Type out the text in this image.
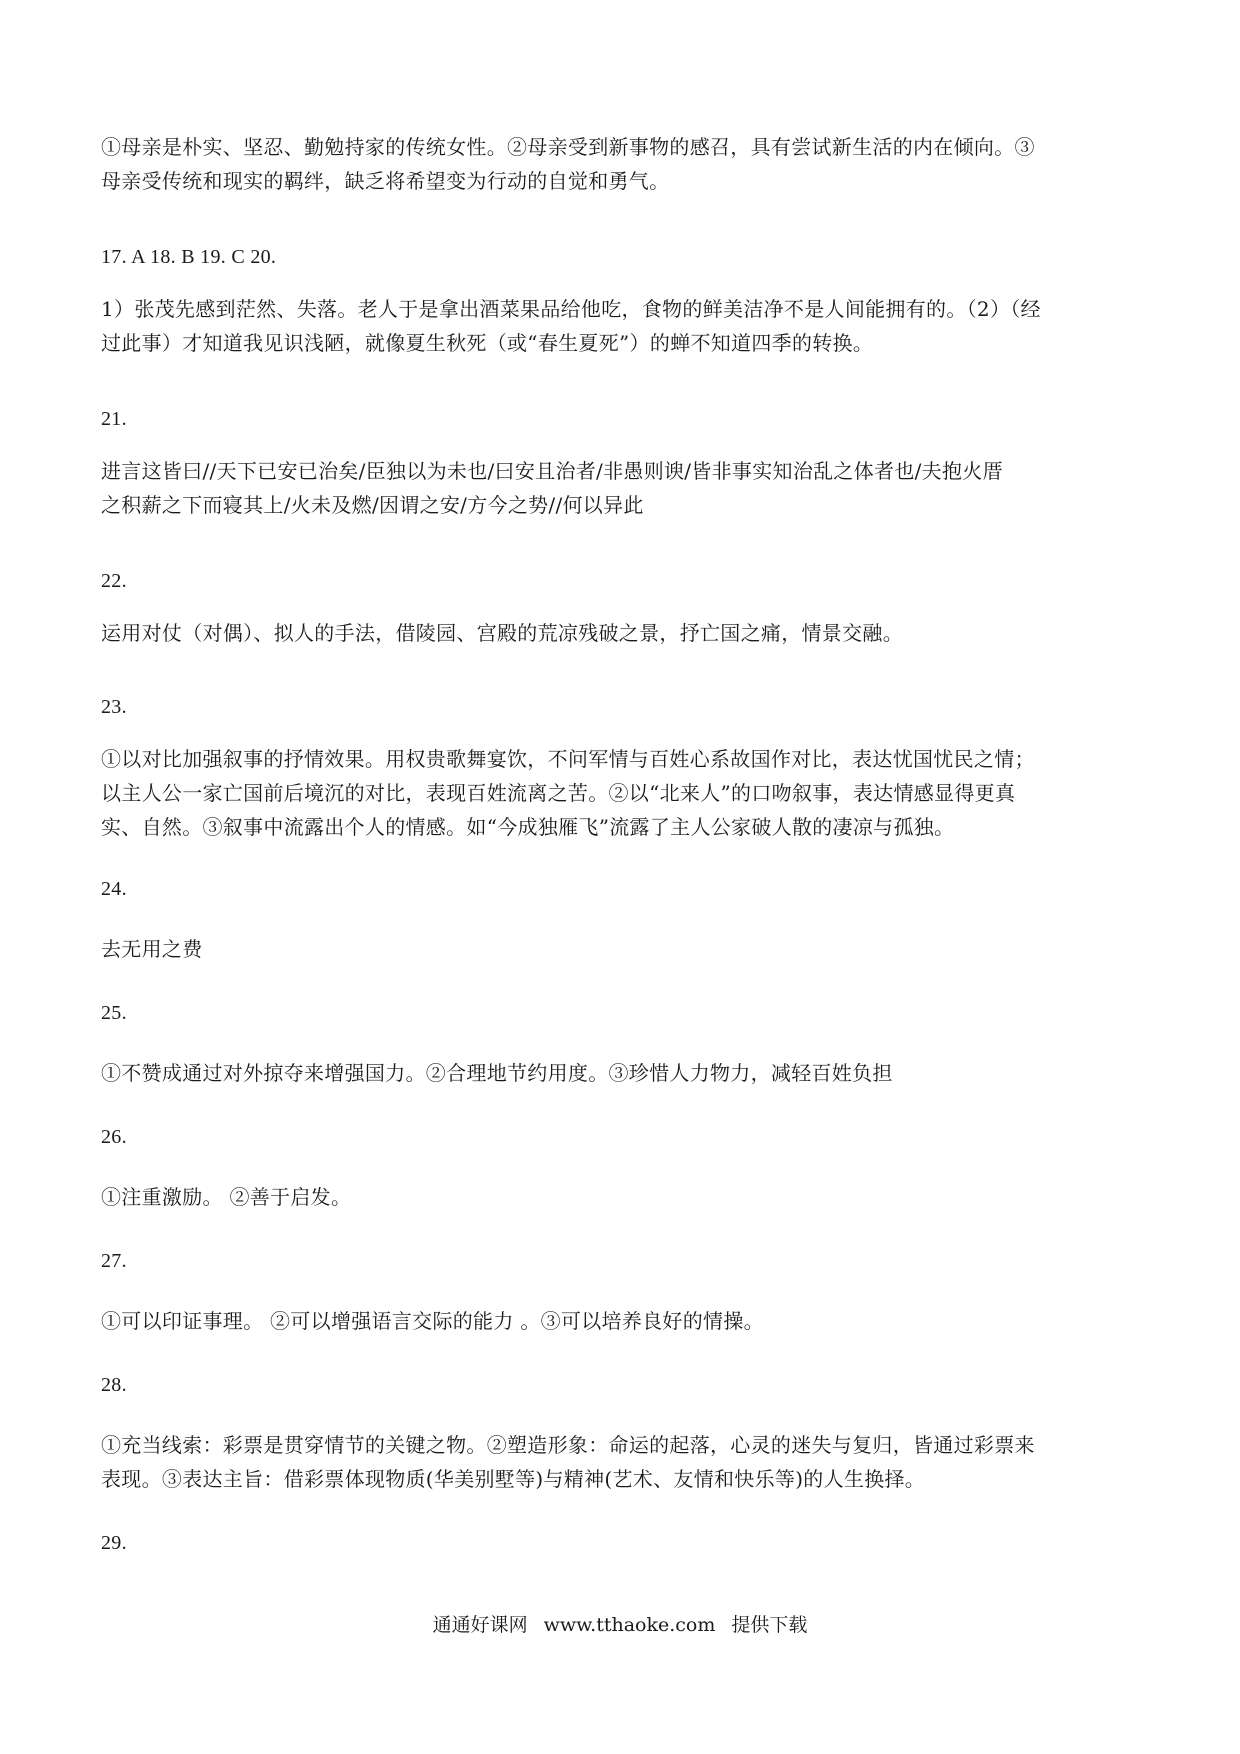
①母亲是朴实、坚忍、勤勉持家的传统女性。②母亲受到新事物的感召，具有尝试新生活的内在倾向。③
母亲受传统和现实的羁绊，缺乏将希望变为行动的自觉和勇气。
17. A 18. B 19. C 20.
1）张茂先感到茫然、失落。老人于是拿出酒菜果品给他吃，食物的鲜美洁净不是人间能拥有的。（2）（经
过此事）才知道我见识浅陋，就像夏生秋死（或“春生夏死”）的蝉不知道四季的转换。
21.
进言这皆曰//天下已安已治矣/臣独以为未也/曰安且治者/非愚则谀/皆非事实知治乱之体者也/夫抱火厝
之积薪之下而寝其上/火未及燃/因谓之安/方今之势//何以异此
22.
运用对仗（对偶）、拟人的手法，借陵园、宫殿的荒凉残破之景，抒亡国之痛，情景交融。
23.
①以对比加强叙事的抒情效果。用权贵歌舞宴饮，不问军情与百姓心系故国作对比，表达忧国忧民之情；
以主人公一家亡国前后境沉的对比，表现百姓流离之苦。②以“北来人”的口吻叙事，表达情感显得更真
实、自然。③叙事中流露出个人的情感。如“今成独雁飞”流露了主人公家破人散的凄凉与孤独。
24.
去无用之费
25.
①不赞成通过对外掠夺来增强国力。②合理地节约用度。③珍惜人力物力，减轻百姓负担
26.
①注重激励。 ②善于启发。
27.
①可以印证事理。 ②可以增强语言交际的能力 。③可以培养良好的情操。
28.
①充当线索：彩票是贯穿情节的关键之物。②塑造形象：命运的起落，心灵的迷失与复归，皆通过彩票来
表现。③表达主旨：借彩票体现物质(华美别墅等)与精神(艺术、友情和快乐等)的人生换择。
29.
通通好课网 www.tthaoke.com 提供下载
